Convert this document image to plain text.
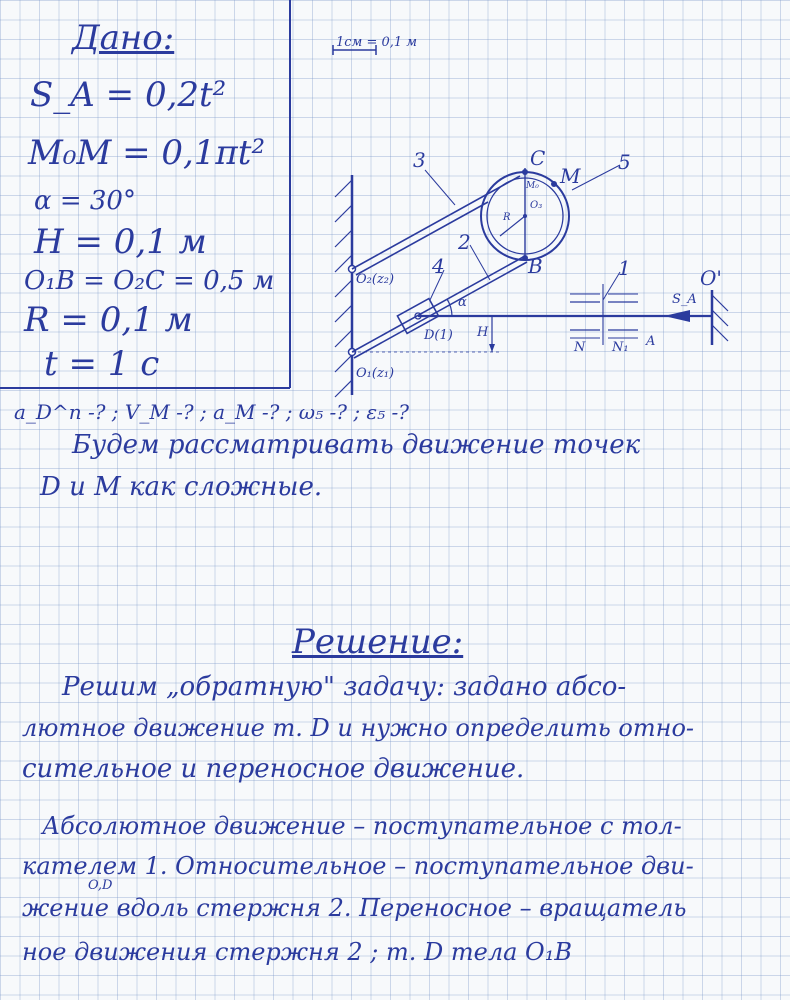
Дано:
S_A = 0,2t²
M₀M = 0,1πt²
α = 30°
H = 0,1 м
O₁B = O₂C = 0,5 м
R = 0,1 м
t = 1 с
a_D^n -? ; V_M -? ; a_M -? ; ω₅ -? ; ε₅ -?
1см = 0,1 м
3
2
4
5
1
C
M
M₀
O₃
R
B
O₂(z₂)
O₁(z₁)
D(1)
α
H
S_A
O'
N N₁ A
Будем рассматривать движение точек
D и M как сложные.
Решение:
Решим „обратную" задачу: задано абсо-
лютное движение т. D и нужно определить отно-
сительное и переносное движение.
Абсолютное движение – поступательное с тол-
кателем 1. Относительное – поступательное дви-
O,D
жение вдоль стержня 2. Переносное – вращатель
ное движения стержня 2 ; т. D тела O₁B
